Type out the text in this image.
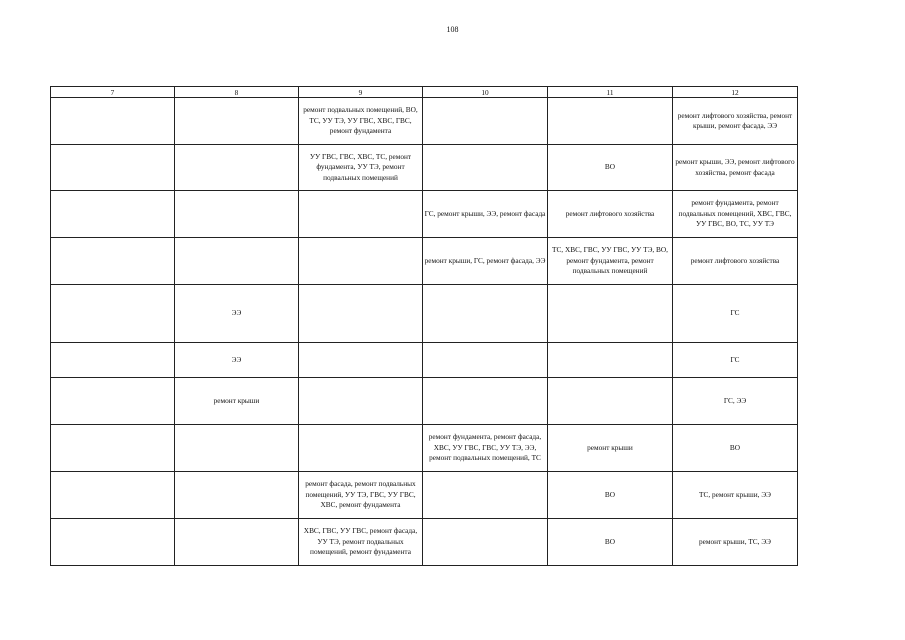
108
7	8	9	10	11	12
		ремонт подвальных помещений, ВО, ТС, УУ ТЭ, УУ ГВС, ХВС, ГВС, ремонт фундамента			ремонт лифтового хозяйства, ремонт крыши, ремонт фасада, ЭЭ
		УУ ГВС, ГВС, ХВС, ТС, ремонт фундамента, УУ ТЭ, ремонт подвальных помещений		ВО	ремонт крыши, ЭЭ, ремонт лифтового хозяйства, ремонт фасада
			ГС, ремонт крыши, ЭЭ, ремонт фасада	ремонт лифтового хозяйства	ремонт фундамента, ремонт подвальных помещений, ХВС, ГВС, УУ ГВС, ВО, ТС, УУ ТЭ
			ремонт крыши, ГС, ремонт фасада, ЭЭ	ТС, ХВС, ГВС, УУ ГВС, УУ ТЭ, ВО, ремонт фундамента, ремонт подвальных помещений	ремонт лифтового хозяйства
	ЭЭ				ГС
	ЭЭ				ГС
	ремонт крыши				ГС, ЭЭ
			ремонт фундамента, ремонт фасада, ХВС, УУ ГВС, ГВС, УУ ТЭ, ЭЭ, ремонт подвальных помещений, ТС	ремонт крыши	ВО
		ремонт фасада, ремонт подвальных помещений, УУ ТЭ, ГВС, УУ ГВС, ХВС, ремонт фундамента		ВО	ТС, ремонт крыши, ЭЭ
		ХВС, ГВС, УУ ГВС, ремонт фасада, УУ ТЭ, ремонт подвальных помещений, ремонт фундамента		ВО	ремонт крыши, ТС, ЭЭ
